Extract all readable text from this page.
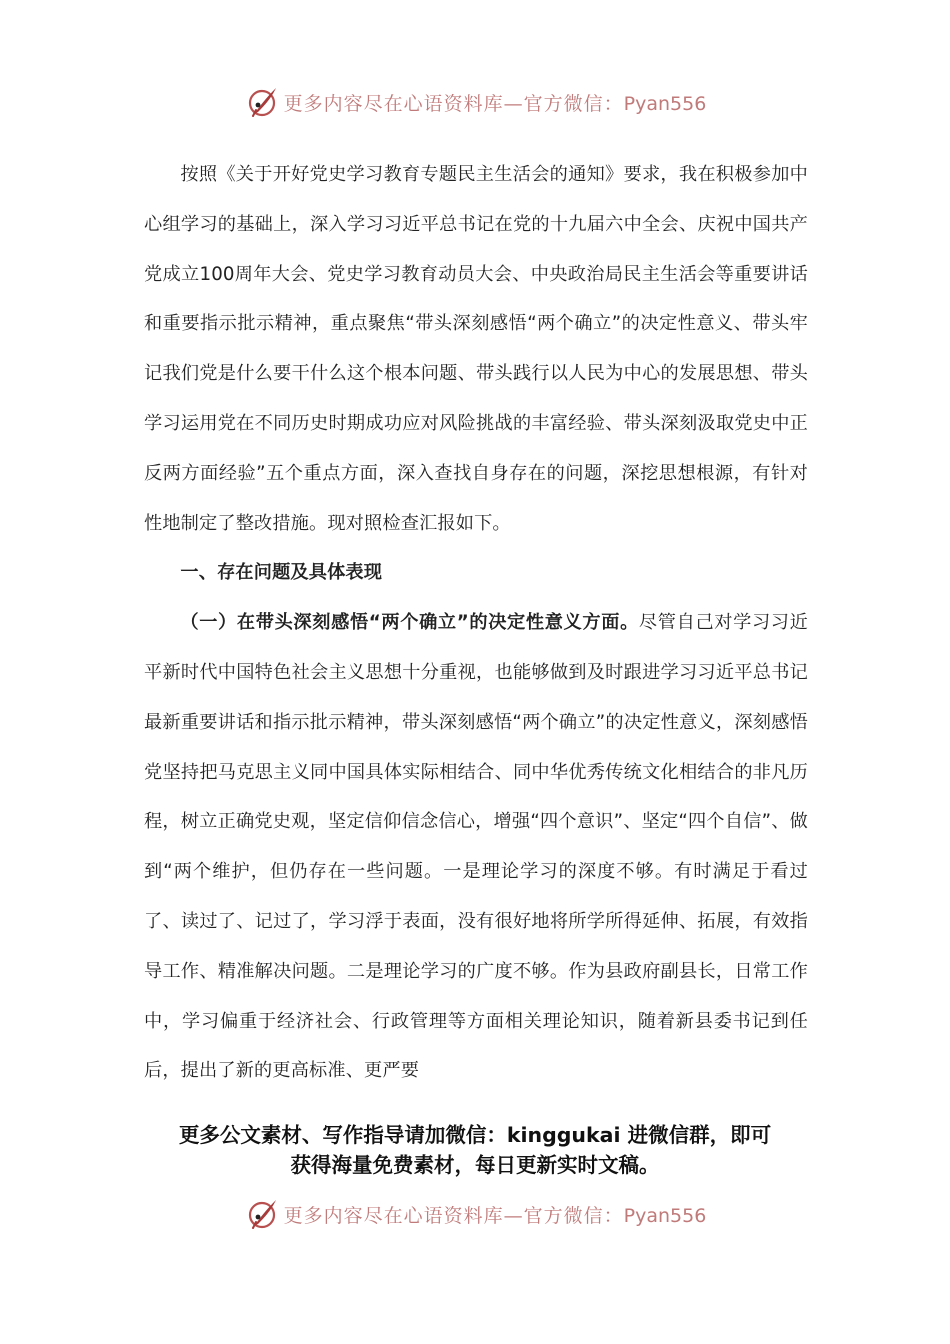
更多内容尽在心语资料库—官方微信：Pyan556

按照《关于开好党史学习教育专题民主生活会的通知》要求，我在积极参加中心组学习的基础上，深入学习习近平总书记在党的十九届六中全会、庆祝中国共产党成立100周年大会、党史学习教育动员大会、中央政治局民主生活会等重要讲话和重要指示批示精神，重点聚焦“带头深刻感悟“两个确立”的决定性意义、带头牢记我们党是什么要干什么这个根本问题、带头践行以人民为中心的发展思想、带头学习运用党在不同历史时期成功应对风险挑战的丰富经验、带头深刻汲取党史中正反两方面经验”五个重点方面，深入查找自身存在的问题，深挖思想根源，有针对性地制定了整改措施。现对照检查汇报如下。

一、存在问题及具体表现

（一）在带头深刻感悟“两个确立”的决定性意义方面。尽管自己对学习习近平新时代中国特色社会主义思想十分重视，也能够做到及时跟进学习习近平总书记最新重要讲话和指示批示精神，带头深刻感悟“两个确立”的决定性意义，深刻感悟党坚持把马克思主义同中国具体实际相结合、同中华优秀传统文化相结合的非凡历程，树立正确党史观，坚定信仰信念信心，增强“四个意识”、坚定“四个自信”、做到“两个维护，但仍存在一些问题。一是理论学习的深度不够。有时满足于看过了、读过了、记过了，学习浮于表面，没有很好地将所学所得延伸、拓展，有效指导工作、精准解决问题。二是理论学习的广度不够。作为县政府副县长，日常工作中，学习偏重于经济社会、行政管理等方面相关理论知识，随着新县委书记到任后，提出了新的更高标准、更严要

更多公文素材、写作指导请加微信：kinggukai 进微信群，即可
获得海量免费素材，每日更新实时文稿。
更多内容尽在心语资料库—官方微信：Pyan556
